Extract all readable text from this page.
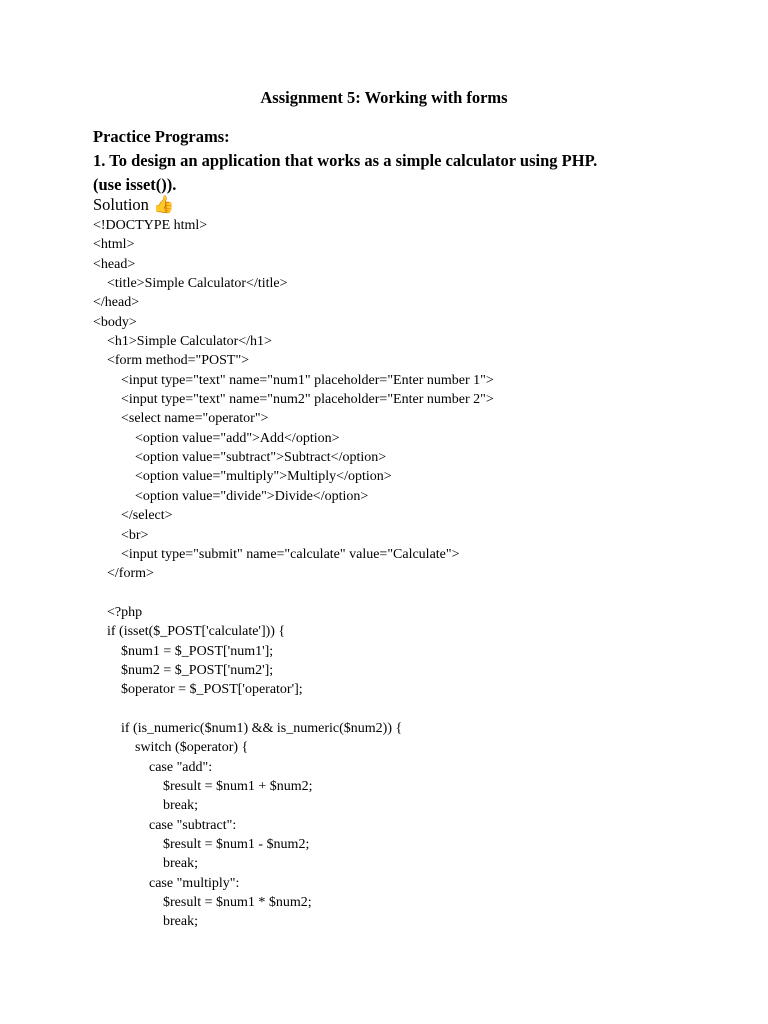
Assignment 5: Working with forms
Practice Programs:
1. To design an application that works as a simple calculator using PHP.
(use isset()).
Solution 👍
<!DOCTYPE html>
<html>
<head>
<title>Simple Calculator</title>
</head>
<body>
<h1>Simple Calculator</h1>
<form method="POST">
<input type="text" name="num1" placeholder="Enter number 1">
<input type="text" name="num2" placeholder="Enter number 2">
<select name="operator">
<option value="add">Add</option>
<option value="subtract">Subtract</option>
<option value="multiply">Multiply</option>
<option value="divide">Divide</option>
</select>
<br>
<input type="submit" name="calculate" value="Calculate">
</form>
<?php
if (isset($_POST['calculate'])) {
$num1 = $_POST['num1'];
$num2 = $_POST['num2'];
$operator = $_POST['operator'];
if (is_numeric($num1) && is_numeric($num2)) {
switch ($operator) {
case "add":
$result = $num1 + $num2;
break;
case "subtract":
$result = $num1 - $num2;
break;
case "multiply":
$result = $num1 * $num2;
break;
